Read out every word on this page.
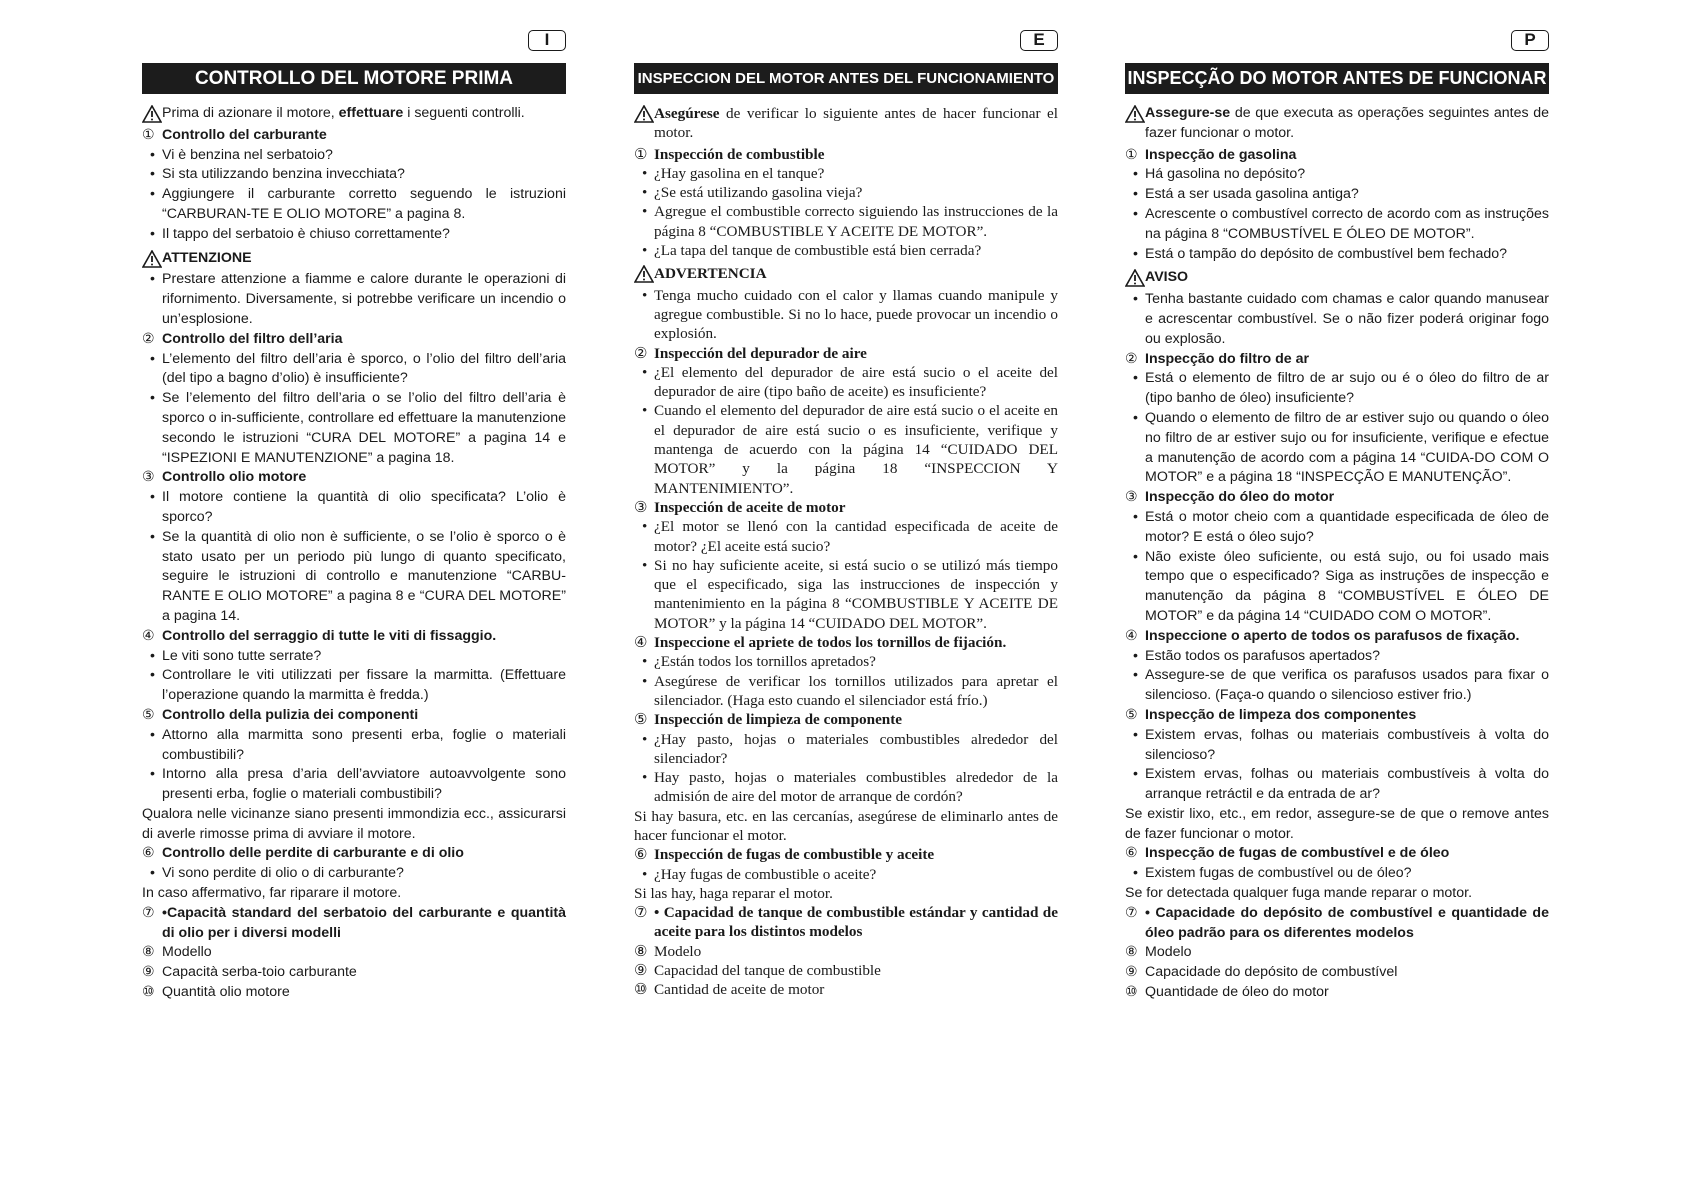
I
CONTROLLO DEL MOTORE PRIMA
Prima di azionare il motore, effettuare i seguenti controlli.
① Controllo del carburante
• Vi è benzina nel serbatoio?
• Si sta utilizzando benzina invecchiata?
• Aggiungere il carburante corretto seguendo le istruzioni “CARBURAN-TE E OLIO MOTORE” a pagina 8.
• Il tappo del serbatoio è chiuso correttamente?
ATTENZIONE
• Prestare attenzione a fiamme e calore durante le operazioni di rifornimento. Diversamente, si potrebbe verificare un incendio o un’esplosione.
② Controllo del filtro dell’aria
• L’elemento del filtro dell’aria è sporco, o l’olio del filtro dell’aria (del tipo a bagno d’olio) è insufficiente?
• Se l’elemento del filtro dell’aria o se l’olio del filtro dell’aria è sporco o in-sufficiente, controllare ed effettuare la manutenzione secondo le istruzioni “CURA DEL MOTORE” a pagina 14 e “ISPEZIONI E MANUTENZIONE” a pagina 18.
③ Controllo olio motore
• Il motore contiene la quantità di olio specificata? L’olio è sporco?
• Se la quantità di olio non è sufficiente, o se l’olio è sporco o è stato usato per un periodo più lungo di quanto specificato, seguire le istruzioni di controllo e manutenzione “CARBU-RANTE E OLIO MOTORE” a pagina 8 e “CURA DEL MOTORE” a pagina 14.
④ Controllo del serraggio di tutte le viti di fissaggio.
• Le viti sono tutte serrate?
• Controllare le viti utilizzati per fissare la marmitta. (Effettuare l’operazione quando la marmitta è fredda.)
⑤ Controllo della pulizia dei componenti
• Attorno alla marmitta sono presenti erba, foglie o materiali combustibili?
• Intorno alla presa d’aria dell’avviatore autoavvolgente sono presenti erba, foglie o materiali combustibili?
Qualora nelle vicinanze siano presenti immondizia ecc., assicurarsi di averle rimosse prima di avviare il motore.
⑥ Controllo delle perdite di carburante e di olio
• Vi sono perdite di olio o di carburante?
In caso affermativo, far riparare il motore.
⑦ •Capacità standard del serbatoio del carburante e quantità di olio per i diversi modelli
⑧ Modello
⑨ Capacità serba-toio carburante
⑩ Quantità olio motore
E
INSPECCION DEL MOTOR ANTES DEL FUNCIONAMIENTO
Asegúrese de verificar lo siguiente antes de hacer funcionar el motor.
① Inspección de combustible
• ¿Hay gasolina en el tanque?
• ¿Se está utilizando gasolina vieja?
• Agregue el combustible correcto siguiendo las instrucciones de la página 8 “COMBUSTIBLE Y ACEITE DE MOTOR”.
• ¿La tapa del tanque de combustible está bien cerrada?
ADVERTENCIA
• Tenga mucho cuidado con el calor y llamas cuando manipule y agregue combustible. Si no lo hace, puede provocar un incendio o explosión.
② Inspección del depurador de aire
• ¿El elemento del depurador de aire está sucio o el aceite del depurador de aire (tipo baño de aceite) es insuficiente?
• Cuando el elemento del depurador de aire está sucio o el aceite en el depurador de aire está sucio o es insuficiente, verifique y mantenga de acuerdo con la página 14 “CUIDADO DEL MOTOR” y la página 18 “INSPECCION Y MANTENIMIENTO”.
③ Inspección de aceite de motor
• ¿El motor se llenó con la cantidad especificada de aceite de motor? ¿El aceite está sucio?
• Si no hay suficiente aceite, si está sucio o se utilizó más tiempo que el especificado, siga las instrucciones de inspección y mantenimiento en la página 8 “COMBUSTIBLE Y ACEITE DE MOTOR” y la página 14 “CUIDADO DEL MOTOR”.
④ Inspeccione el apriete de todos los tornillos de fijación.
• ¿Están todos los tornillos apretados?
• Asegúrese de verificar los tornillos utilizados para apretar el silenciador. (Haga esto cuando el silenciador está frío.)
⑤ Inspección de limpieza de componente
• ¿Hay pasto, hojas o materiales combustibles alrededor del silenciador?
• Hay pasto, hojas o materiales combustibles alrededor de la admisión de aire del motor de arranque de cordón?
Si hay basura, etc. en las cercanías, asegúrese de eliminarlo antes de hacer funcionar el motor.
⑥ Inspección de fugas de combustible y aceite
• ¿Hay fugas de combustible o aceite?
Si las hay, haga reparar el motor.
⑦ • Capacidad de tanque de combustible estándar y cantidad de aceite para los distintos modelos
⑧ Modelo
⑨ Capacidad del tanque de combustible
⑩ Cantidad de aceite de motor
P
INSPECÇÃO DO MOTOR ANTES DE FUNCIONAR
Assegure-se de que executa as operações seguintes antes de fazer funcionar o motor.
① Inspecção de gasolina
• Há gasolina no depósito?
• Está a ser usada gasolina antiga?
• Acrescente o combustível correcto de acordo com as instruções na página 8 “COMBUSTÍVEL E ÓLEO DE MOTOR”.
• Está o tampão do depósito de combustível bem fechado?
AVISO
• Tenha bastante cuidado com chamas e calor quando manusear e acrescentar combustível. Se o não fizer poderá originar fogo ou explosão.
② Inspecção do filtro de ar
• Está o elemento de filtro de ar sujo ou é o óleo do filtro de ar (tipo banho de óleo) insuficiente?
• Quando o elemento de filtro de ar estiver sujo ou quando o óleo no filtro de ar estiver sujo ou for insuficiente, verifique e efectue a manutenção de acordo com a página 14 “CUIDA-DO COM O MOTOR” e a página 18 “INSPECÇÃO E MANUTENÇÃO”.
③ Inspecção do óleo do motor
• Está o motor cheio com a quantidade especificada de óleo de motor? E está o óleo sujo?
• Não existe óleo suficiente, ou está sujo, ou foi usado mais tempo que o especificado? Siga as instruções de inspecção e manutenção da página 8 “COMBUSTÍVEL E ÓLEO DE MOTOR” e da página 14 “CUIDADO COM O MOTOR”.
④ Inspeccione o aperto de todos os parafusos de fixação.
• Estão todos os parafusos apertados?
• Assegure-se de que verifica os parafusos usados para fixar o silencioso. (Faça-o quando o silencioso estiver frio.)
⑤ Inspecção de limpeza dos componentes
• Existem ervas, folhas ou materiais combustíveis à volta do silencioso?
• Existem ervas, folhas ou materiais combustíveis à volta do arranque retráctil e da entrada de ar?
Se existir lixo, etc., em redor, assegure-se de que o remove antes de fazer funcionar o motor.
⑥ Inspecção de fugas de combustível e de óleo
• Existem fugas de combustível ou de óleo?
Se for detectada qualquer fuga mande reparar o motor.
⑦ • Capacidade do depósito de combustível e quantidade de óleo padrão para os diferentes modelos
⑧ Modelo
⑨ Capacidade do depósito de combustível
⑩ Quantidade de óleo do motor
